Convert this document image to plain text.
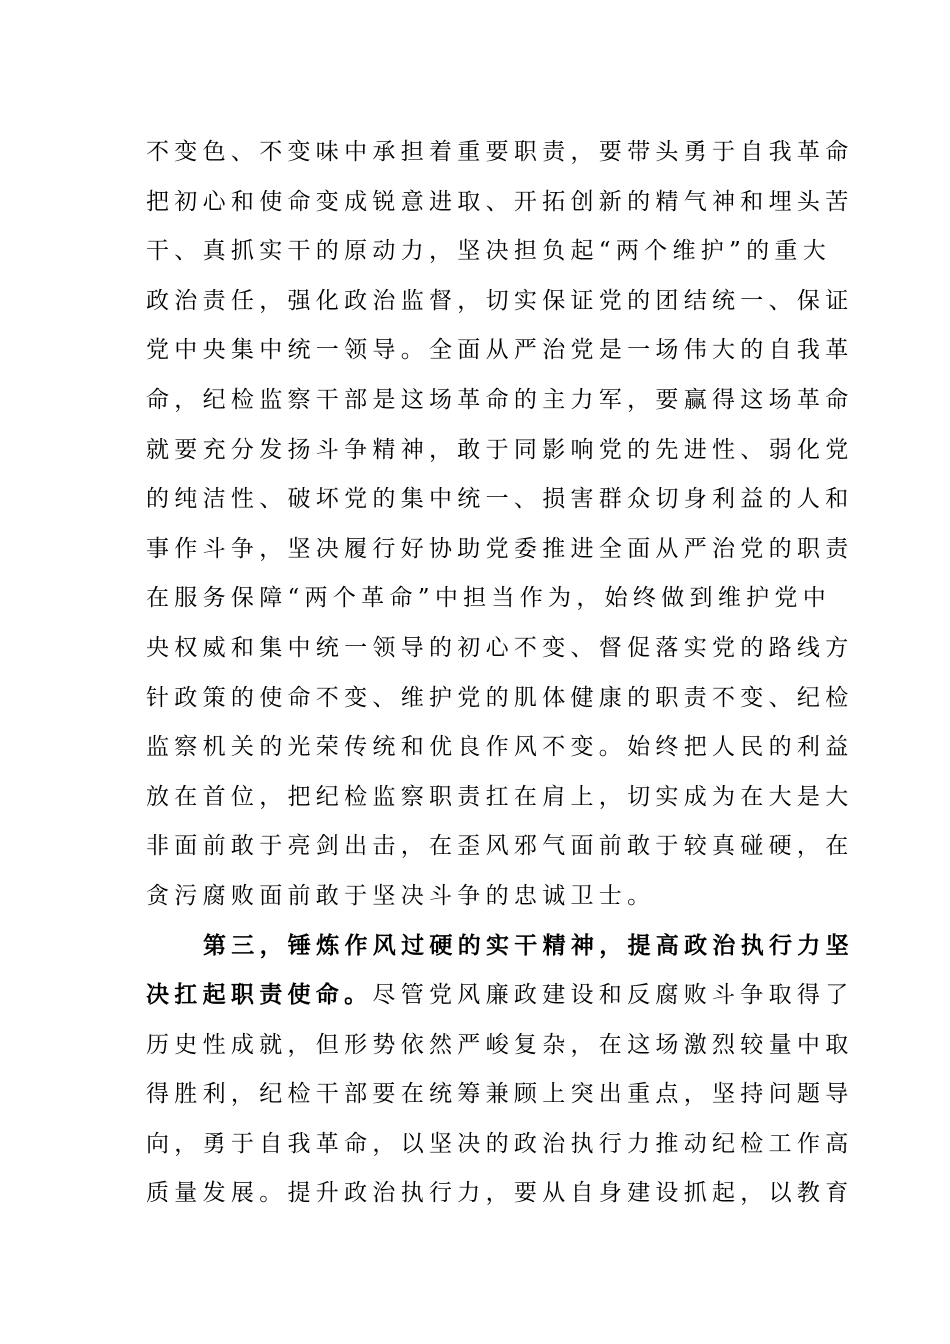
不变色、不变味中承担着重要职责，要带头勇于自我革命
把初心和使命变成锐意进取、开拓创新的精气神和埋头苦
干、真抓实干的原动力，坚决担负起“两个维护”的重大
政治责任，强化政治监督，切实保证党的团结统一、保证
党中央集中统一领导。全面从严治党是一场伟大的自我革
命，纪检监察干部是这场革命的主力军，要赢得这场革命
就要充分发扬斗争精神，敢于同影响党的先进性、弱化党
的纯洁性、破坏党的集中统一、损害群众切身利益的人和
事作斗争，坚决履行好协助党委推进全面从严治党的职责
在服务保障“两个革命”中担当作为，始终做到维护党中
央权威和集中统一领导的初心不变、督促落实党的路线方
针政策的使命不变、维护党的肌体健康的职责不变、纪检
监察机关的光荣传统和优良作风不变。始终把人民的利益
放在首位，把纪检监察职责扛在肩上，切实成为在大是大
非面前敢于亮剑出击，在歪风邪气面前敢于较真碰硬，在
贪污腐败面前敢于坚决斗争的忠诚卫士。
第三，锤炼作风过硬的实干精神，提高政治执行力坚
决扛起职责使命。尽管党风廉政建设和反腐败斗争取得了
历史性成就，但形势依然严峻复杂，在这场激烈较量中取
得胜利，纪检干部要在统筹兼顾上突出重点，坚持问题导
向，勇于自我革命，以坚决的政治执行力推动纪检工作高
质量发展。提升政治执行力，要从自身建设抓起，以教育
